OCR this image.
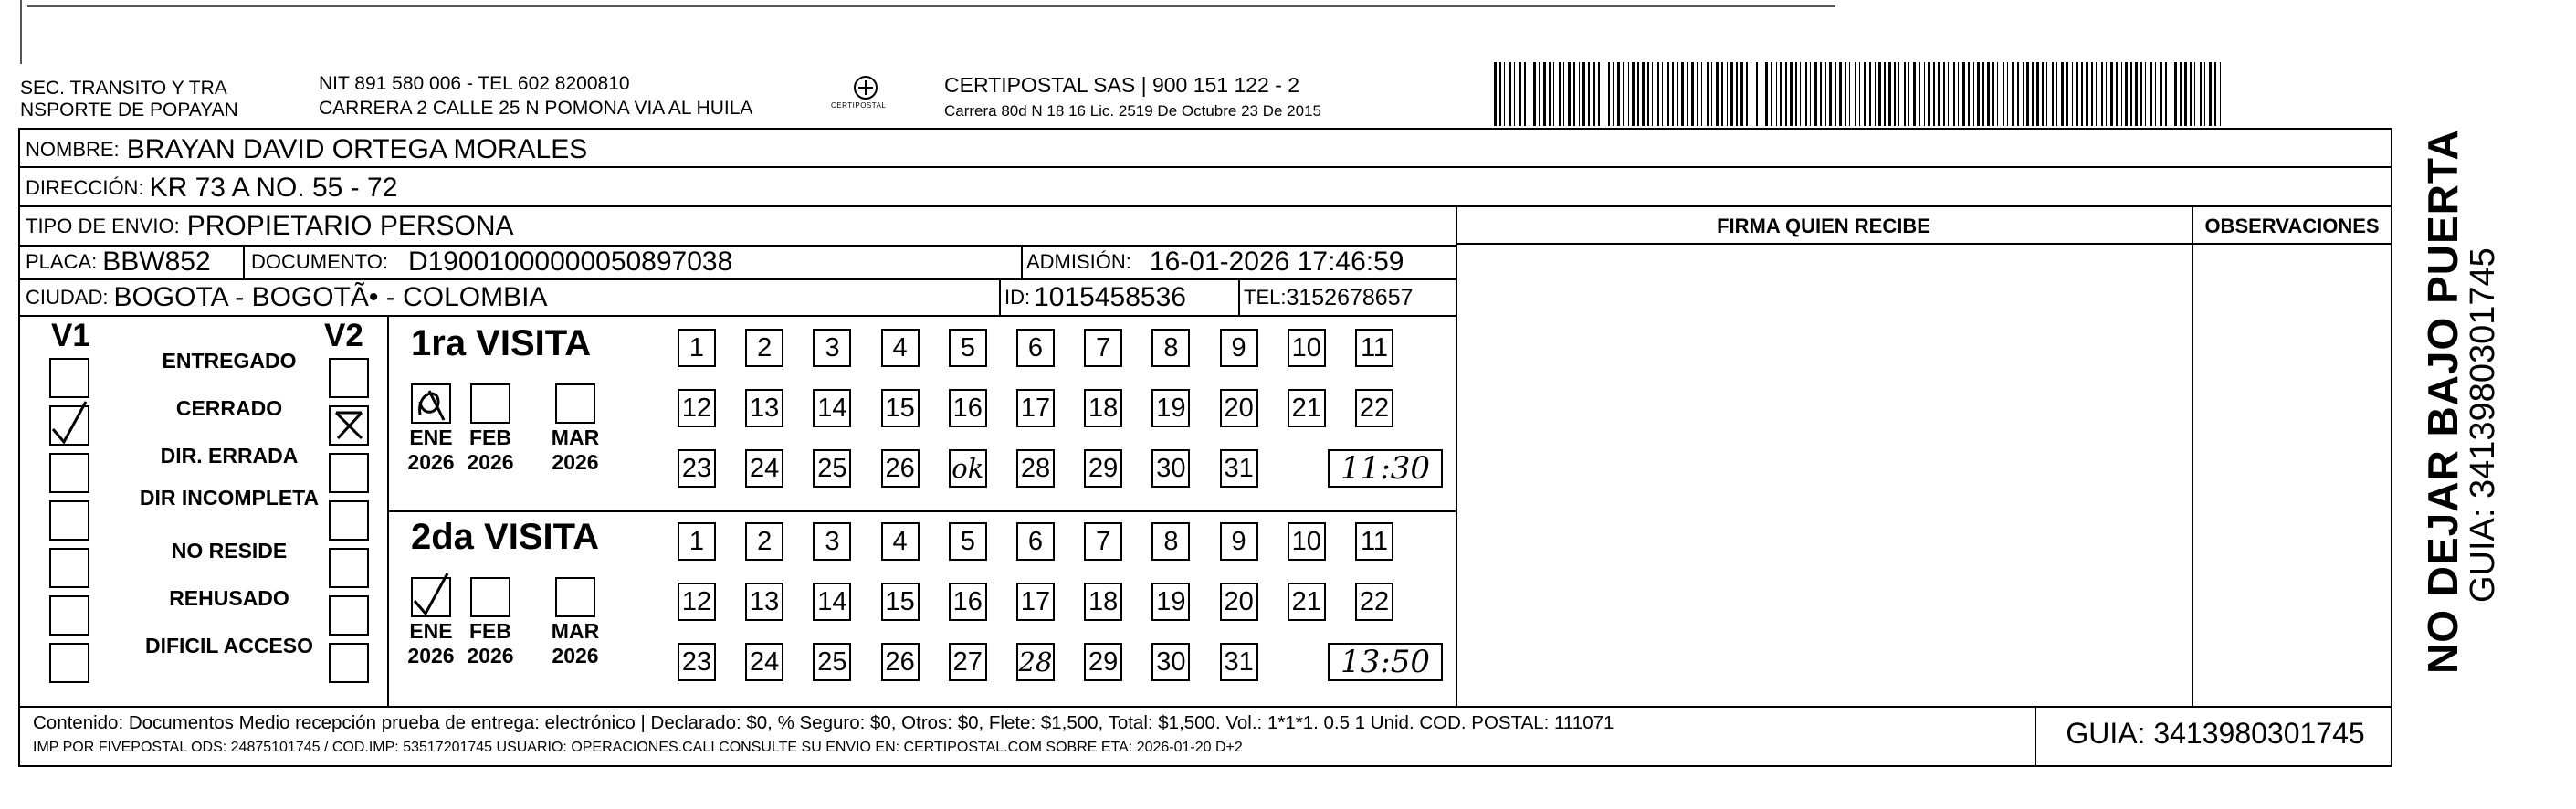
SEC. TRANSITO Y TRA
NSPORTE DE POPAYAN
NIT 891 580 006 - TEL 602 8200810
CARRERA 2 CALLE 25 N POMONA VIA AL HUILA	CERTIPOSTAL
CERTIPOSTAL SAS | 900 151 122 - 2
Carrera 80d N 18 16 Lic. 2519 De Octubre 23 De 2015
NOMBRE: BRAYAN DAVID ORTEGA MORALES
DIRECCIÓN: KR 73 A NO. 55 - 72
TIPO DE ENVIO: PROPIETARIO PERSONA	FIRMA QUIEN RECIBE	OBSERVACIONES
PLACA: BBW852 DOCUMENTO: D19001000000050897038	ADMISIÓN: 16-01-2026 17:46:59
CIUDAD: BOGOTA - BOGOTÃ• - COLOMBIA	ID: 1015458536	TEL: 3152678657
V1	V2
ENTREGADO
CERRADO
DIR. ERRADA
DIR INCOMPLETA
NO RESIDE
REHUSADO
DIFICIL ACCESO
1ra VISITA
ENE
2026
FEB
2026
MAR
2026
1	2	3	4	5	6	7	8	9	10 11
12 13 14 15 16 17 18 19 20 21 22
23 24 25 26 ok 28 29 30 31	11:30
2da VISITA
ENE
2026
FEB
2026
MAR
2026
1	2	3	4	5	6	7	8	9	10 11
12 13 14 15 16 17 18 19 20 21 22
23 24 25 26 27 28 29 30 31	13:50
Contenido: Documentos Medio recepción prueba de entrega: electrónico | Declarado: $0, % Seguro: $0, Otros: $0, Flete: $1,500, Total: $1,500. Vol.: 1*1*1. 0.5 1 Unid. COD. POSTAL: 111071
IMP POR FIVEPOSTAL ODS: 24875101745 / COD.IMP: 53517201745 USUARIO: OPERACIONES.CALI CONSULTE SU ENVIO EN: CERTIPOSTAL.COM SOBRE ETA: 2026-01-20 D+2	GUIA: 3413980301745
NO DEJAR BAJO PUERTA
GUIA: 3413980301745
